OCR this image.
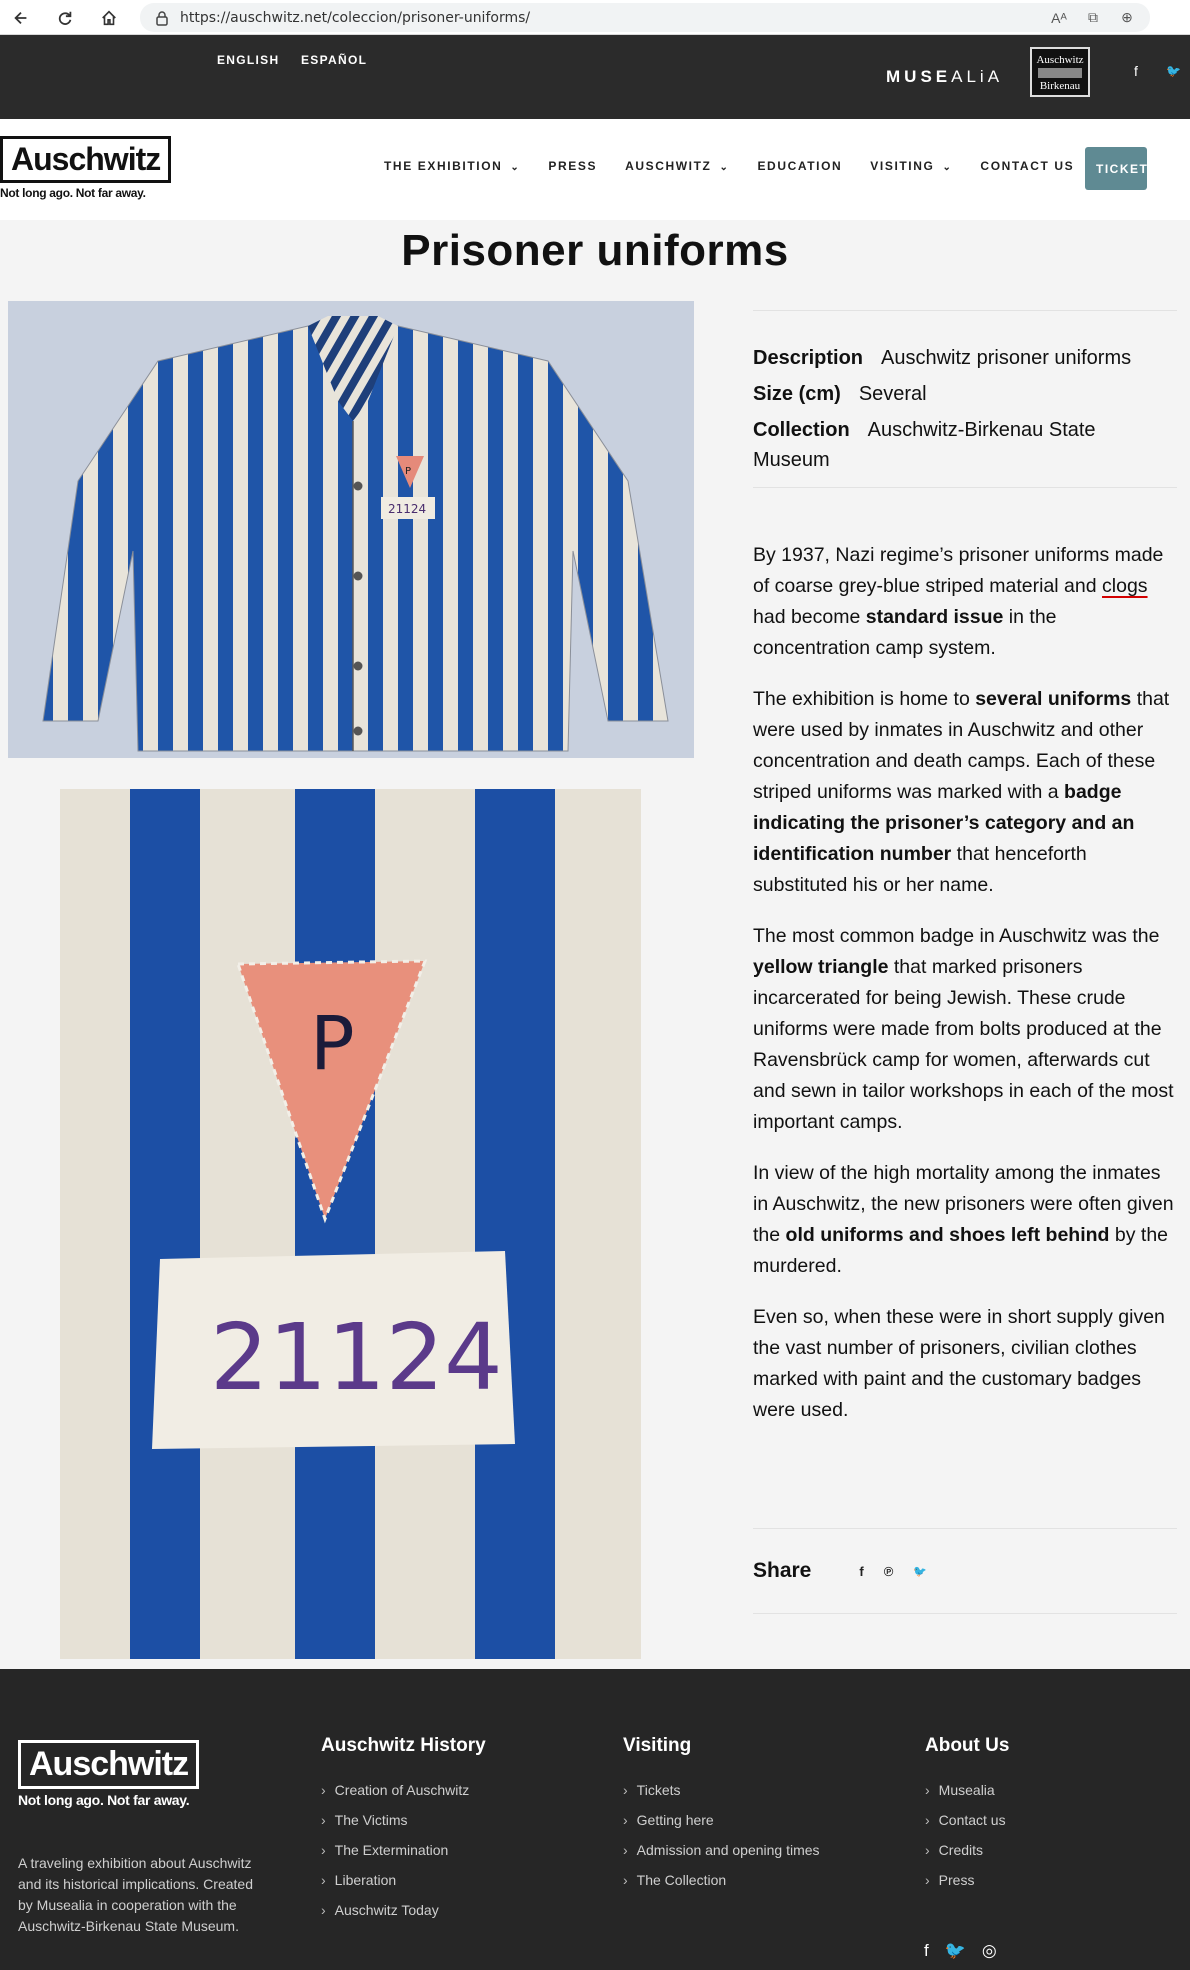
https://auschwitz.net/coleccion/prisoner-uniforms/	Aᴬ ⧉ ⊕
ENGLISH ESPAÑOL
MUSEALiA
Auschwitz
Birkenau
f 🐦
Auschwitz
Not long ago. Not far away.
THE EXHIBITION ⌄ PRESS AUSCHWITZ ⌄ EDUCATION VISITING ⌄ CONTACT US	TICKETS
Prisoner uniforms
P
21124
P
21124
Description Auschwitz prisoner uniforms
Size (cm) Several
Collection Auschwitz-Birkenau State Museum

By 1937, Nazi regime’s prisoner uniforms made of coarse grey-blue striped material and clogs had become standard issue in the concentration camp system.

The exhibition is home to several uniforms that were used by inmates in Auschwitz and other concentration and death camps. Each of these striped uniforms was marked with a badge indicating the prisoner’s category and an identification number that henceforth substituted his or her name.

The most common badge in Auschwitz was the yellow triangle that marked prisoners incarcerated for being Jewish. These crude uniforms were made from bolts produced at the Ravensbrück camp for women, afterwards cut and sewn in tailor workshops in each of the most important camps.

In view of the high mortality among the inmates in Auschwitz, the new prisoners were often given the old uniforms and shoes left behind by the murdered.

Even so, when these were in short supply given the vast number of prisoners, civilian clothes marked with paint and the customary badges were used.

Share	f ℗ 🐦
Auschwitz
Not long ago. Not far away.

A traveling exhibition about Auschwitz and its historical implications. Created by Musealia in cooperation with the Auschwitz-Birkenau State Museum.

Auschwitz History
› Creation of Auschwitz
› The Victims
› The Extermination
› Liberation
› Auschwitz Today
Visiting
› Tickets
› Getting here
› Admission and opening times
› The Collection
About Us
› Musealia
› Contact us
› Credits
› Press
f 🐦 ◎
